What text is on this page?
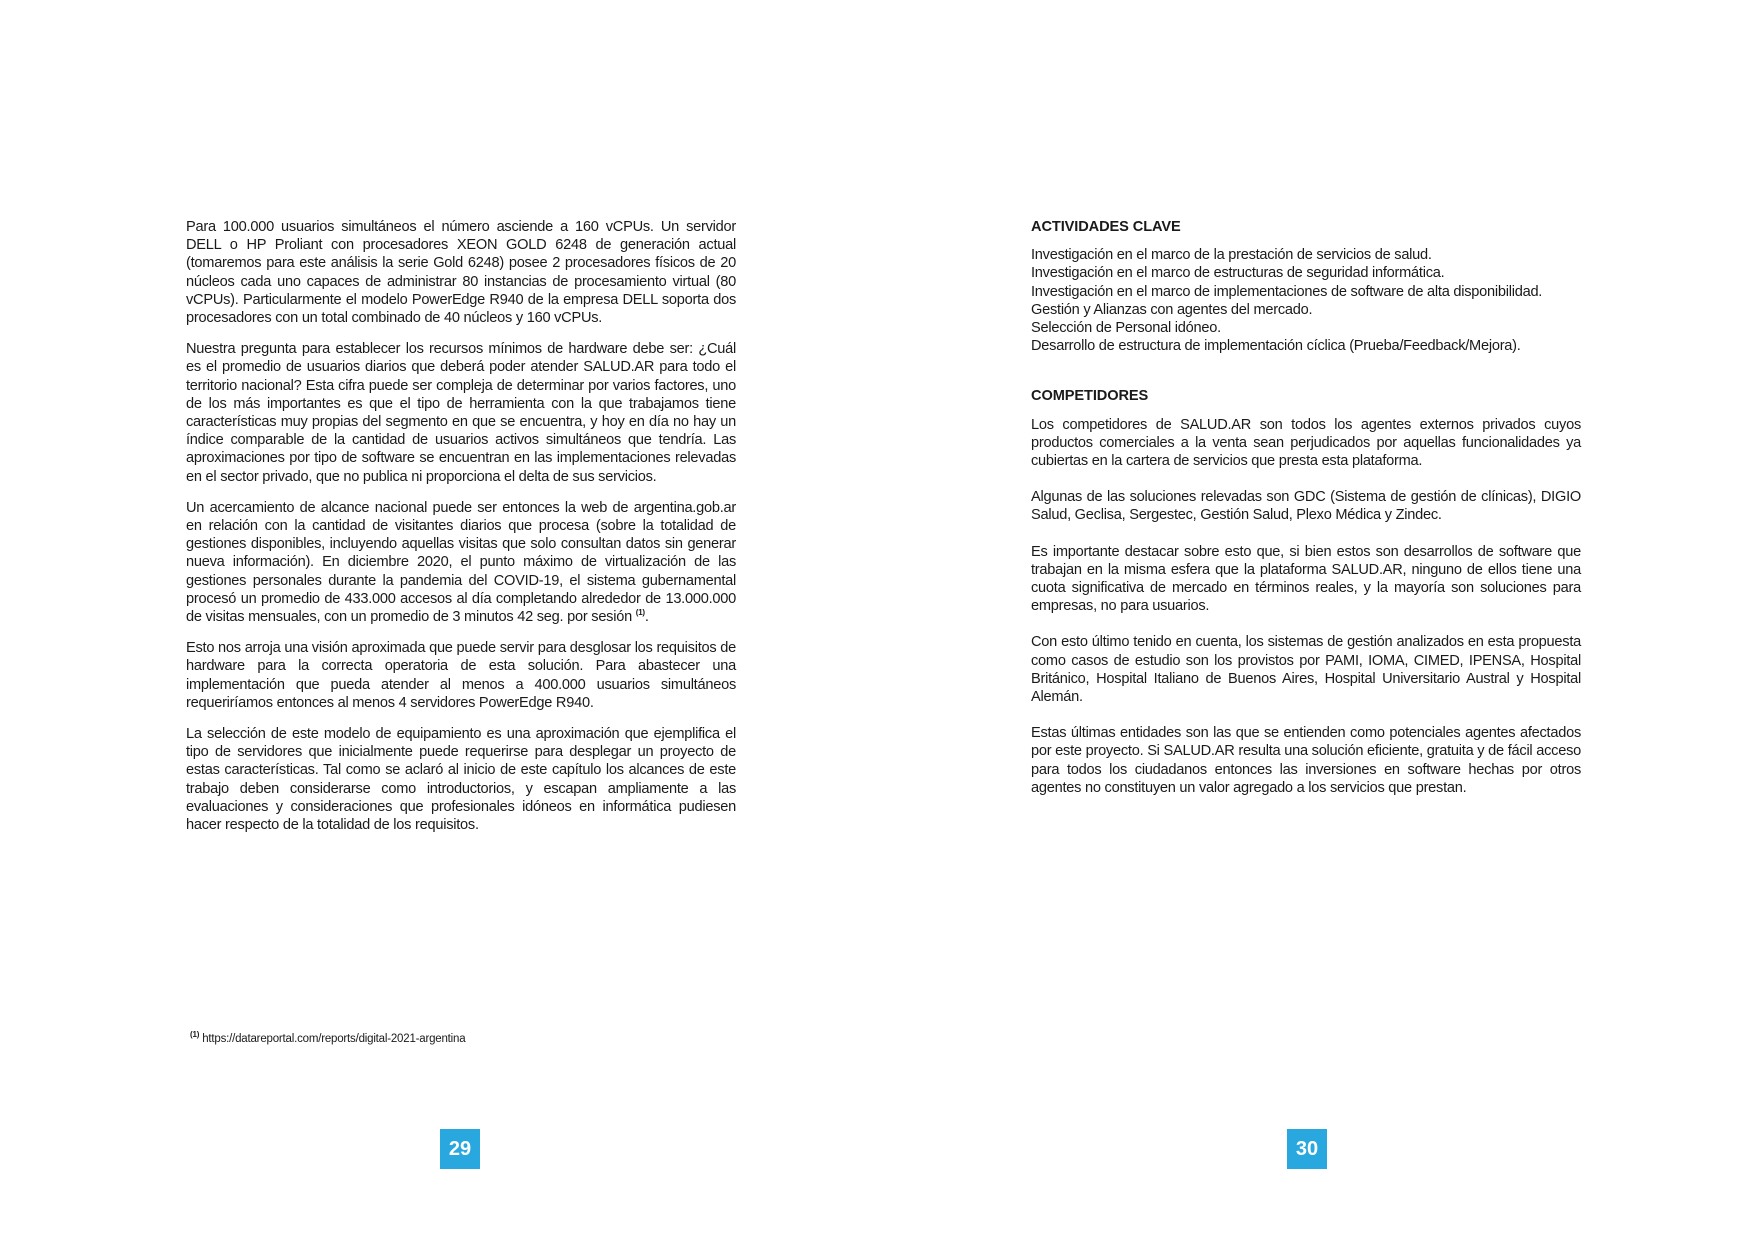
Para 100.000 usuarios simultáneos el número asciende a 160 vCPUs. Un servidor DELL o HP Proliant con procesadores XEON GOLD 6248 de generación actual (tomaremos para este análisis la serie Gold 6248) posee 2 procesadores físicos de 20 núcleos cada uno capaces de administrar 80 instancias de procesamiento virtual (80 vCPUs). Particularmente el modelo PowerEdge R940 de la empresa DELL soporta dos procesadores con un total combinado de 40 núcleos y 160 vCPUs.

Nuestra pregunta para establecer los recursos mínimos de hardware debe ser: ¿Cuál es el promedio de usuarios diarios que deberá poder atender SALUD.AR para todo el territorio nacional? Esta cifra puede ser compleja de determinar por varios factores, uno de los más importantes es que el tipo de herramienta con la que trabajamos tiene características muy propias del segmento en que se encuentra, y hoy en día no hay un índice comparable de la cantidad de usuarios activos simultáneos que tendría. Las aproximaciones por tipo de software se encuentran en las implementaciones relevadas en el sector privado, que no publica ni proporciona el delta de sus servicios.

Un acercamiento de alcance nacional puede ser entonces la web de argentina.gob.ar en relación con la cantidad de visitantes diarios que procesa (sobre la totalidad de gestiones disponibles, incluyendo aquellas visitas que solo consultan datos sin generar nueva información). En diciembre 2020, el punto máximo de virtualización de las gestiones personales durante la pandemia del COVID-19, el sistema gubernamental procesó un promedio de 433.000 accesos al día completando alrededor de 13.000.000 de visitas mensuales, con un promedio de 3 minutos 42 seg. por sesión $^{(1)}$.

Esto nos arroja una visión aproximada que puede servir para desglosar los requisitos de hardware para la correcta operatoria de esta solución. Para abastecer una implementación que pueda atender al menos a 400.000 usuarios simultáneos requeriríamos entonces al menos 4 servidores PowerEdge R940.

La selección de este modelo de equipamiento es una aproximación que ejemplifica el tipo de servidores que inicialmente puede requerirse para desplegar un proyecto de estas características. Tal como se aclaró al inicio de este capítulo los alcances de este trabajo deben considerarse como introductorios, y escapan ampliamente a las evaluaciones y consideraciones que profesionales idóneos en informática pudiesen hacer respecto de la totalidad de los requisitos.

$^{(1)}$ https://datareportal.com/reports/digital-2021-argentina
29
ACTIVIDADES CLAVE
Investigación en el marco de la prestación de servicios de salud.
Investigación en el marco de estructuras de seguridad informática.
Investigación en el marco de implementaciones de software de alta disponibilidad.
Gestión y Alianzas con agentes del mercado.
Selección de Personal idóneo.
Desarrollo de estructura de implementación cíclica (Prueba/Feedback/Mejora).
COMPETIDORES

Los competidores de SALUD.AR son todos los agentes externos privados cuyos productos comerciales a la venta sean perjudicados por aquellas funcionalidades ya cubiertas en la cartera de servicios que presta esta plataforma.

Algunas de las soluciones relevadas son GDC (Sistema de gestión de clínicas), DIGIO Salud, Geclisa, Sergestec, Gestión Salud, Plexo Médica y Zindec.

Es importante destacar sobre esto que, si bien estos son desarrollos de software que trabajan en la misma esfera que la plataforma SALUD.AR, ninguno de ellos tiene una cuota significativa de mercado en términos reales, y la mayoría son soluciones para empresas, no para usuarios.

Con esto último tenido en cuenta, los sistemas de gestión analizados en esta propuesta como casos de estudio son los provistos por PAMI, IOMA, CIMED, IPENSA, Hospital Británico, Hospital Italiano de Buenos Aires, Hospital Universitario Austral y Hospital Alemán.

Estas últimas entidades son las que se entienden como potenciales agentes afectados por este proyecto. Si SALUD.AR resulta una solución eficiente, gratuita y de fácil acceso para todos los ciudadanos entonces las inversiones en software hechas por otros agentes no constituyen un valor agregado a los servicios que prestan.

30
